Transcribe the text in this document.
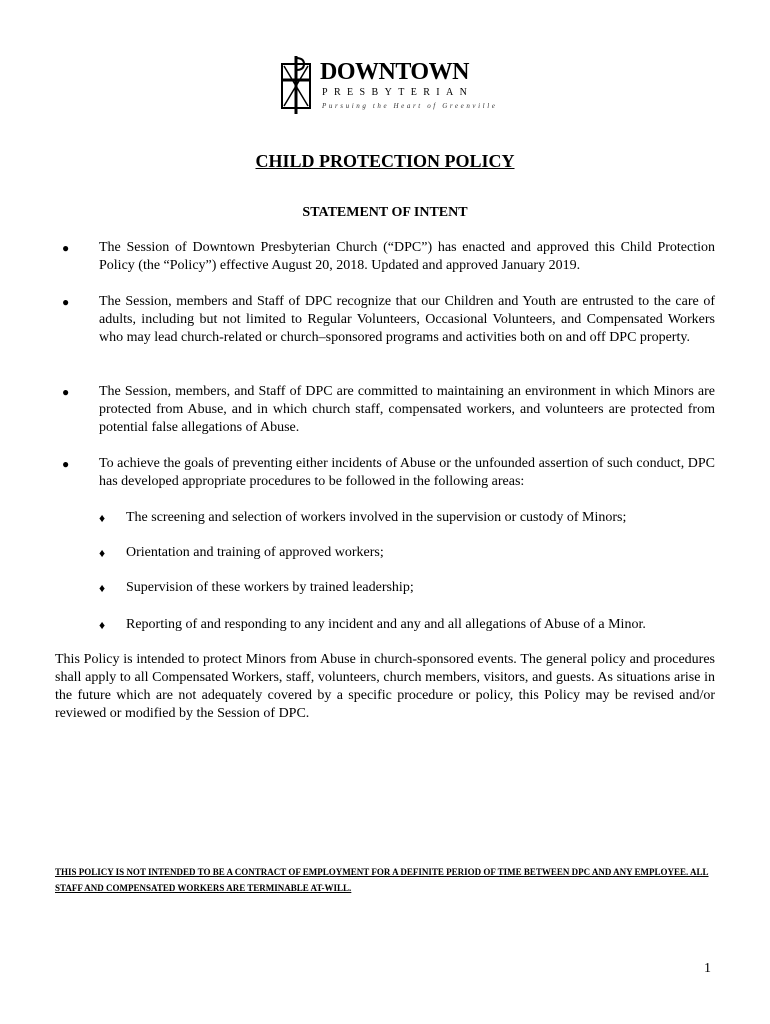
DOWNTOWN
PRESBYTERIAN
Pursuing the Heart of Greenville
CHILD PROTECTION POLICY
STATEMENT OF INTENT
● The Session of Downtown Presbyterian Church (“DPC”) has enacted and approved this Child Protection Policy (the “Policy”) effective August 20, 2018. Updated and approved January 2019.
● The Session, members and Staff of DPC recognize that our Children and Youth are entrusted to the care of adults, including but not limited to Regular Volunteers, Occasional Volunteers, and Compensated Workers who may lead church-related or church–sponsored programs and activities both on and off DPC property.
● The Session, members, and Staff of DPC are committed to maintaining an environment in which Minors are protected from Abuse, and in which church staff, compensated workers, and volunteers are protected from potential false allegations of Abuse.
● To achieve the goals of preventing either incidents of Abuse or the unfounded assertion of such conduct, DPC has developed appropriate procedures to be followed in the following areas:
♦ The screening and selection of workers involved in the supervision or custody of Minors;
♦ Orientation and training of approved workers;
♦ Supervision of these workers by trained leadership;
♦ Reporting of and responding to any incident and any and all allegations of Abuse of a Minor.
This Policy is intended to protect Minors from Abuse in church-sponsored events. The general policy and procedures shall apply to all Compensated Workers, staff, volunteers, church members, visitors, and guests. As situations arise in the future which are not adequately covered by a specific procedure or policy, this Policy may be revised and/or reviewed or modified by the Session of DPC.
THIS POLICY IS NOT INTENDED TO BE A CONTRACT OF EMPLOYMENT FOR A DEFINITE PERIOD OF TIME BETWEEN DPC AND ANY EMPLOYEE. ALL STAFF AND COMPENSATED WORKERS ARE TERMINABLE AT-WILL.
1
